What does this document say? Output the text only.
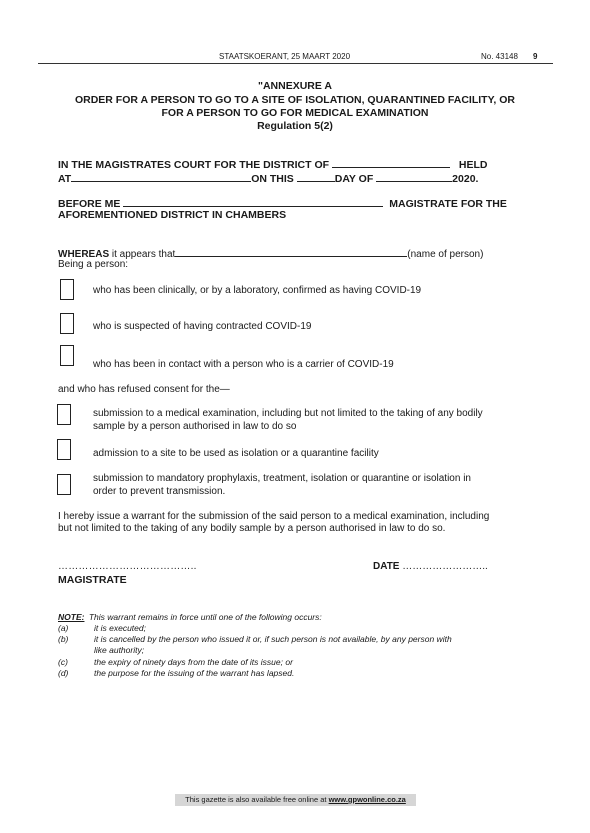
STAATSKOERANT, 25 MAART 2020	No. 43148 9
"ANNEXURE A
ORDER FOR A PERSON TO GO TO A SITE OF ISOLATION, QUARANTINED FACILITY, OR
FOR A PERSON TO GO FOR MEDICAL EXAMINATION
Regulation 5(2)
IN THE MAGISTRATES COURT FOR THE DISTRICT OF	HELD
AT	ON THIS	DAY OF	2020.
BEFORE ME	MAGISTRATE FOR THE
AFOREMENTIONED DISTRICT IN CHAMBERS
WHEREAS it appears that	(name of person)
Being a person:
who has been clinically, or by a laboratory, confirmed as having COVID-19
who is suspected of having contracted COVID-19
who has been in contact with a person who is a carrier of COVID-19
and who has refused consent for the—
submission to a medical examination, including but not limited to the taking of any bodily
sample by a person authorised in law to do so
admission to a site to be used as isolation or a quarantine facility
submission to mandatory prophylaxis, treatment, isolation or quarantine or isolation in
order to prevent transmission.
I hereby issue a warrant for the submission of the said person to a medical examination, including
but not limited to the taking of any bodily sample by a person authorised in law to do so.
…………………………………..	DATE ……………………..
MAGISTRATE
NOTE: This warrant remains in force until one of the following occurs:
(a)	it is executed;
(b)	it is cancelled by the person who issued it or, if such person is not available, by any person with
like authority;
(c)	the expiry of ninety days from the date of its issue; or
(d)	the purpose for the issuing of the warrant has lapsed.
This gazette is also available free online at www.gpwonline.co.za
